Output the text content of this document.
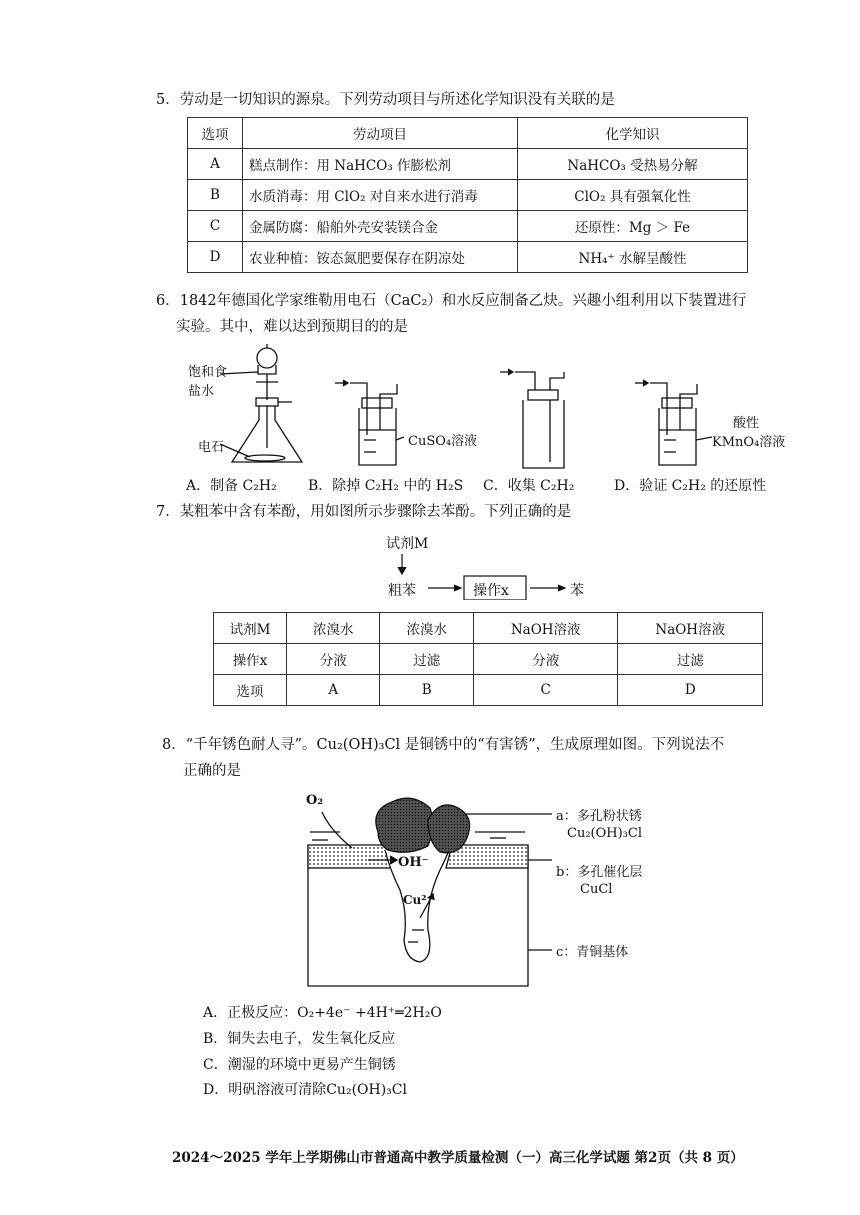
5．劳动是一切知识的源泉。下列劳动项目与所述化学知识没有关联的是
选项	劳动项目	化学知识
A	糕点制作：用 NaHCO₃ 作膨松剂	NaHCO₃ 受热易分解
B	水质消毒：用 ClO₂ 对自来水进行消毒	ClO₂ 具有强氧化性
C	金属防腐：船舶外壳安装镁合金	还原性：Mg ＞ Fe
D	农业种植：铵态氮肥要保存在阴凉处	NH₄⁺ 水解呈酸性
6．1842年德国化学家维勒用电石（CaC₂）和水反应制备乙炔。兴趣小组利用以下装置进行
实验。其中，难以达到预期目的的是
饱和食
盐水
电石	CuSO₄溶液
酸性
KMnO₄溶液
A．制备 C₂H₂ B．除掉 C₂H₂ 中的 H₂S C．收集 C₂H₂	D．验证 C₂H₂ 的还原性
7．某粗苯中含有苯酚，用如图所示步骤除去苯酚。下列正确的是
试剂M
粗苯	操作x	苯
试剂M	浓溴水	浓溴水	NaOH溶液	NaOH溶液
操作x	分液	过滤	分液	过滤
选项	A	B	C	D
8．“千年锈色耐人寻”。Cu₂(OH)₃Cl 是铜锈中的“有害锈”，生成原理如图。下列说法不
正确的是
O₂
OH⁻
Cu²⁺
a：多孔粉状锈
Cu₂(OH)₃Cl
b：多孔催化层
CuCl
c：青铜基体
A．正极反应：O₂+4e⁻ +4H⁺═2H₂O
B．铜失去电子，发生氧化反应
C．潮湿的环境中更易产生铜锈
D．明矾溶液可清除Cu₂(OH)₃Cl
2024～2025 学年上学期佛山市普通高中教学质量检测（一）高三化学试题 第2页（共 8 页）
